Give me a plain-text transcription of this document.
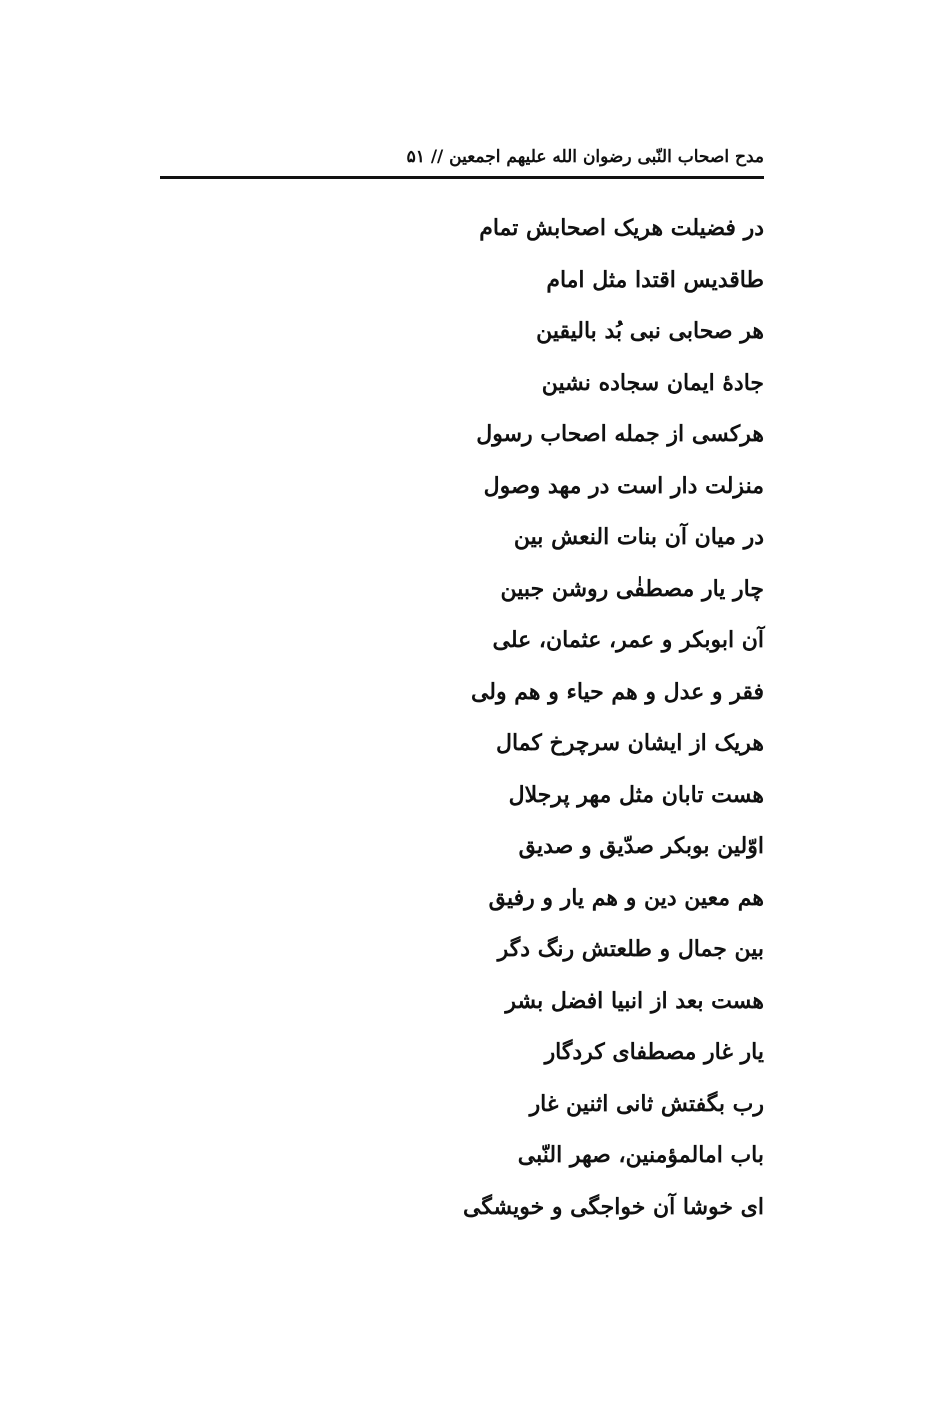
مدح اصحاب النّبی رضوان الله علیهم اجمعین // ۵۱
در فضیلت هریک اصحابش تمام
طاقدیس اقتدا مثل امام
هر صحابی نبی بُد بالیقین
جادۀ ایمان سجاده نشین
هرکسی از جمله اصحاب رسول
منزلت دار است در مهد وصول
در میان آن بنات النعش بین
چار یار مصطفٰی روشن جبین
آن ابوبکر و عمر، عثمان، علی
فقر و عدل و هم حیاء و هم ولی
هریک از ایشان سرچرخ کمال
هست تابان مثل مهر پرجلال
اوّلین بوبکر صدّیق و صدیق
هم معین دین و هم یار و رفیق
بین جمال و طلعتش رنگ دگر
هست بعد از انبیا افضل بشر
یار غار مصطفای کردگار
رب بگفتش ثانی اثنین غار
باب امالمؤمنین، صهر النّبی
ای خوشا آن خواجگی و خویشگی
